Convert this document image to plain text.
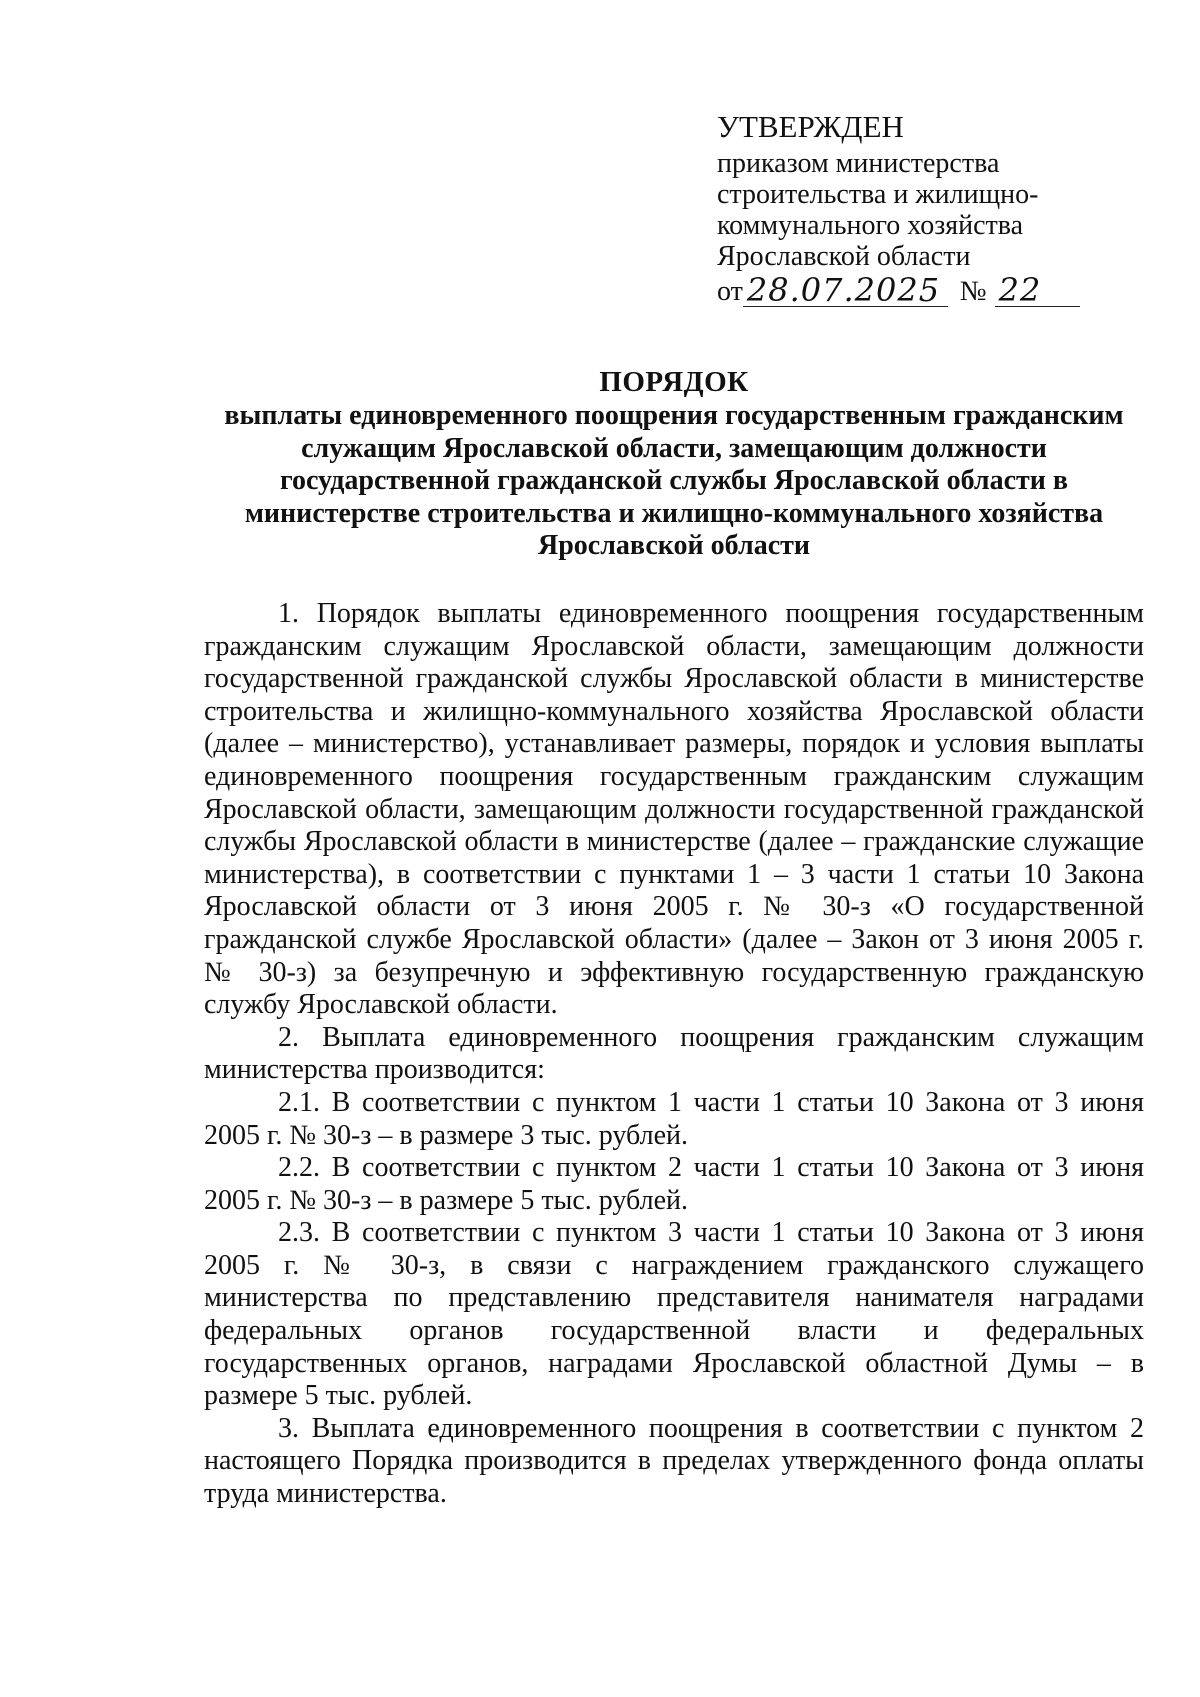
УТВЕРЖДЕН
приказом министерства
строительства и жилищно-
коммунального хозяйства
Ярославской области
от 28.07.2025 № 22
ПОРЯДОК
выплаты единовременного поощрения государственным гражданским
служащим Ярославской области, замещающим должности
государственной гражданской службы Ярославской области в
министерстве строительства и жилищно-коммунального хозяйства
Ярославской области

1. Порядок выплаты единовременного поощрения государственным гражданским служащим Ярославской области, замещающим должности государственной гражданской службы Ярославской области в министерстве строительства и жилищно-коммунального хозяйства Ярославской области (далее – министерство), устанавливает размеры, порядок и условия выплаты единовременного поощрения государственным гражданским служащим Ярославской области, замещающим должности государственной гражданской службы Ярославской области в министерстве (далее – гражданские служащие министерства), в соответствии с пунктами 1 – 3 части 1 статьи 10 Закона Ярославской области от 3 июня 2005 г. № 30-з «О государственной гражданской службе Ярославской области» (далее – Закон от 3 июня 2005 г. № 30-з) за безупречную и эффективную государственную гражданскую службу Ярославской области.

2. Выплата единовременного поощрения гражданским служащим министерства производится:

2.1. В соответствии с пунктом 1 части 1 статьи 10 Закона от 3 июня 2005 г. № 30-з – в размере 3 тыс. рублей.

2.2. В соответствии с пунктом 2 части 1 статьи 10 Закона от 3 июня 2005 г. № 30-з – в размере 5 тыс. рублей.

2.3. В соответствии с пунктом 3 части 1 статьи 10 Закона от 3 июня 2005 г. № 30-з, в связи с награждением гражданского служащего министерства по представлению представителя нанимателя наградами федеральных органов государственной власти и федеральных государственных органов, наградами Ярославской областной Думы – в размере 5 тыс. рублей.

3. Выплата единовременного поощрения в соответствии с пунктом 2 настоящего Порядка производится в пределах утвержденного фонда оплаты труда министерства.
